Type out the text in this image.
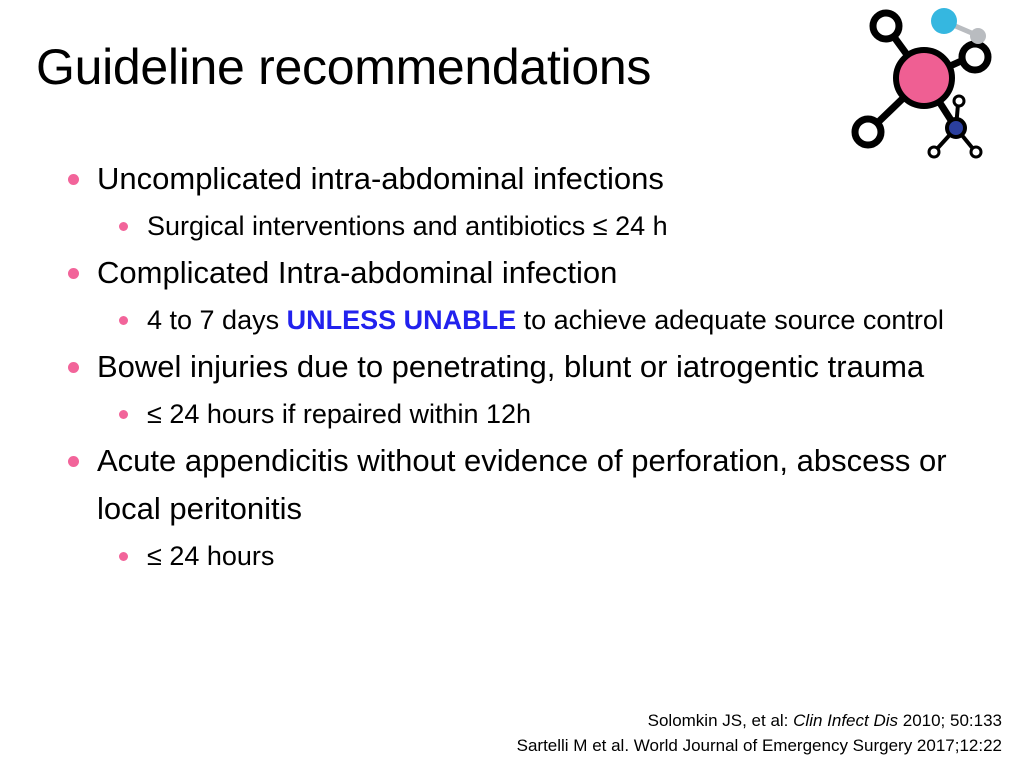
Guideline recommendations
Uncomplicated intra-abdominal infections
Surgical interventions and antibiotics ≤ 24 h
Complicated Intra-abdominal infection
4 to 7 days UNLESS UNABLE to achieve adequate source control
Bowel injuries due to penetrating, blunt or iatrogentic trauma
≤ 24 hours if repaired within 12h
Acute appendicitis without evidence of perforation, abscess or local peritonitis
≤ 24 hours
Solomkin JS, et al: Clin Infect Dis 2010; 50:133
Sartelli M et al. World Journal of Emergency Surgery 2017;12:22
